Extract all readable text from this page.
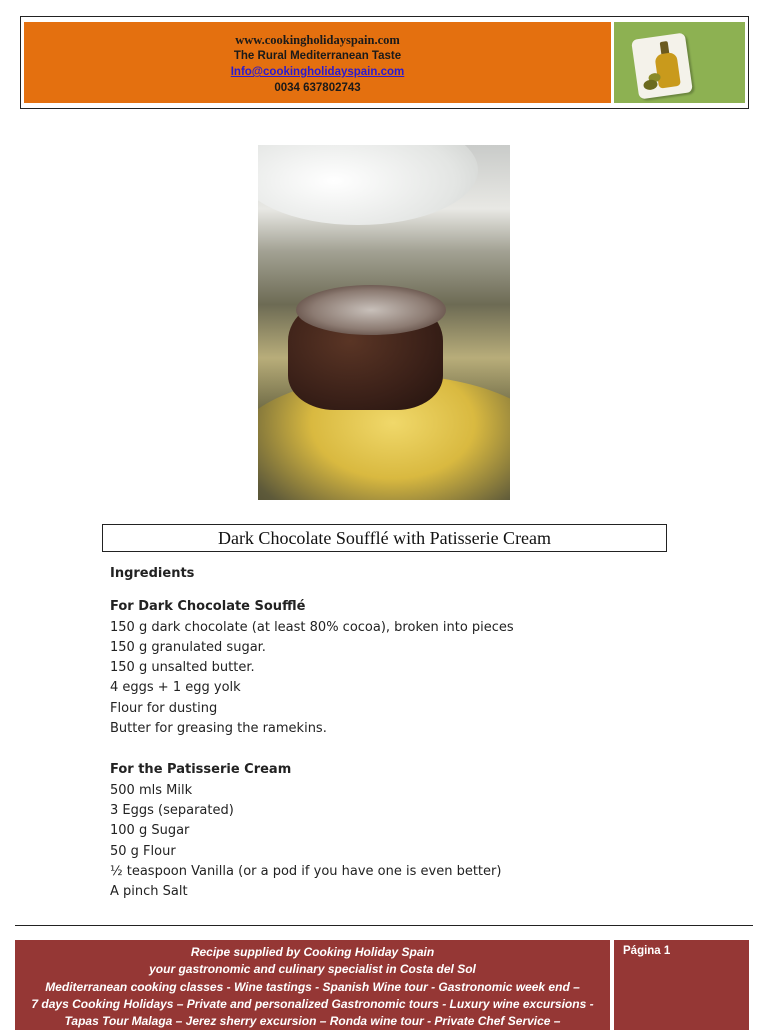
www.cookingholidayspain.com
The Rural Mediterranean Taste
Info@cookingholidayspain.com
0034 637802743
Dark Chocolate Soufflé with Patisserie Cream
Ingredients
For Dark Chocolate Soufflé
150 g dark chocolate (at least 80% cocoa), broken into pieces
150 g granulated sugar.
150 g unsalted butter.
4 eggs + 1 egg yolk
Flour for dusting
Butter for greasing the ramekins.
For the Patisserie Cream
500 mls Milk
3 Eggs (separated)
100 g Sugar
50 g Flour
½ teaspoon Vanilla (or a pod if you have one is even better)
A pinch Salt
Recipe supplied by Cooking Holiday Spain
your gastronomic and culinary specialist in Costa del Sol
Mediterranean cooking classes - Wine tastings - Spanish Wine tour - Gastronomic week end –
7 days Cooking Holidays – Private and personalized Gastronomic tours - Luxury wine excursions -
Tapas Tour Malaga – Jerez sherry excursion – Ronda wine tour - Private Chef Service –
Página 1
